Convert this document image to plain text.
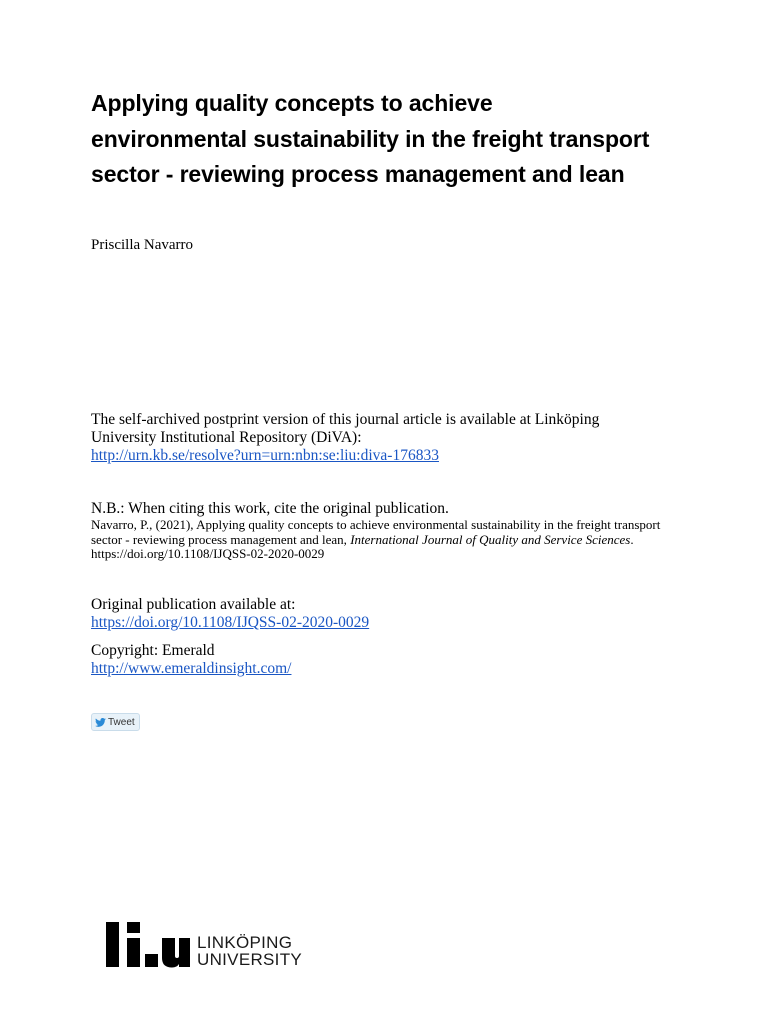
Applying quality concepts to achieve environmental sustainability in the freight transport sector - reviewing process management and lean
Priscilla Navarro
The self-archived postprint version of this journal article is available at Linköping
University Institutional Repository (DiVA):
http://urn.kb.se/resolve?urn=urn:nbn:se:liu:diva-176833
N.B.: When citing this work, cite the original publication.
Navarro, P., (2021), Applying quality concepts to achieve environmental sustainability in the freight transport sector - reviewing process management and lean, International Journal of Quality and Service Sciences. https://doi.org/10.1108/IJQSS-02-2020-0029
Original publication available at:
https://doi.org/10.1108/IJQSS-02-2020-0029
Copyright: Emerald
http://www.emeraldinsight.com/
Tweet
LINKÖPING
UNIVERSITY
